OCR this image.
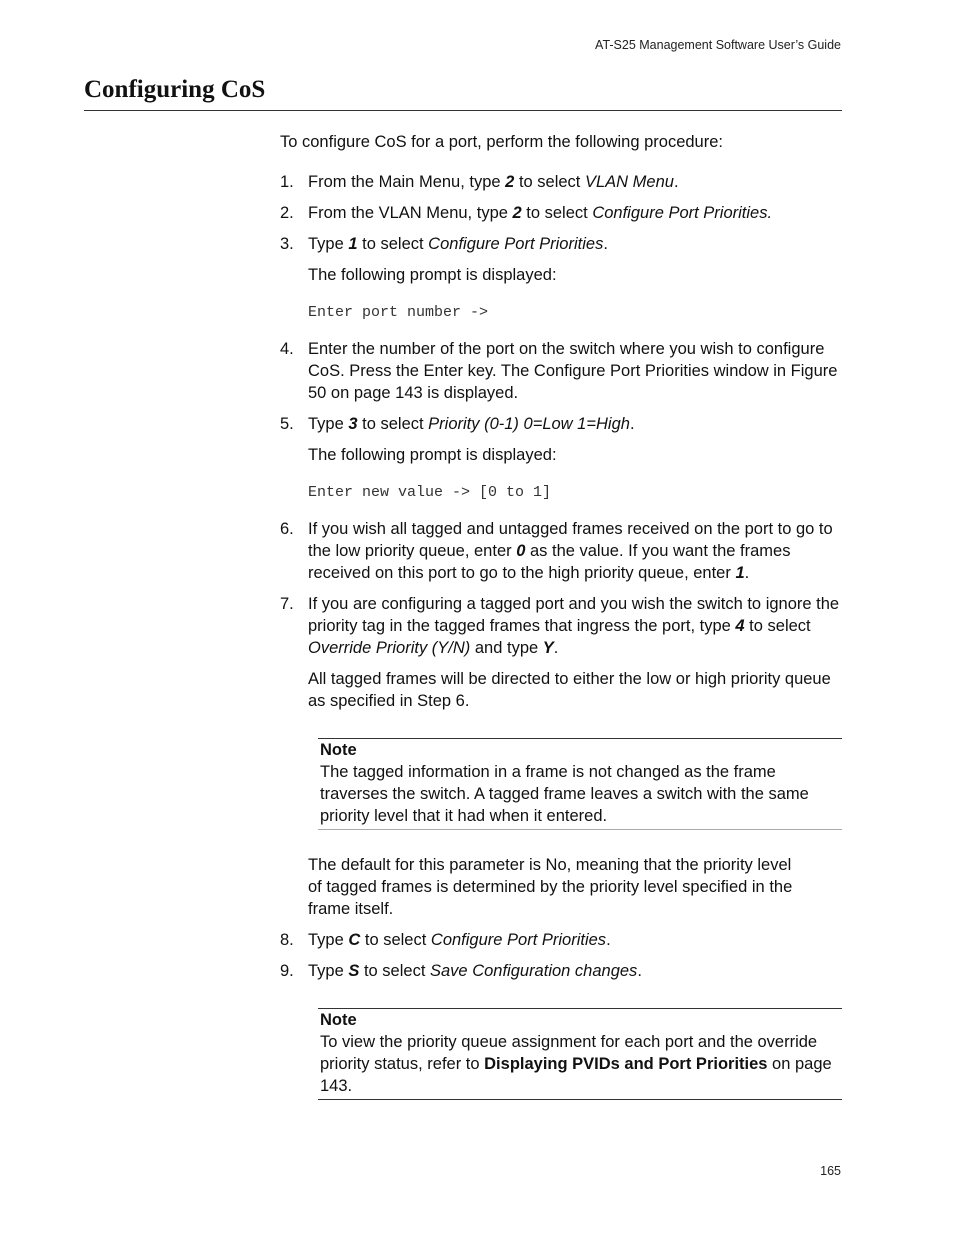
AT-S25 Management Software User’s Guide
Configuring CoS

To configure CoS for a port, perform the following procedure:

1. From the Main Menu, type 2 to select VLAN Menu.
2. From the VLAN Menu, type 2 to select Configure Port Priorities.
3. Type 1 to select Configure Port Priorities.

The following prompt is displayed:

Enter port number ->
4. Enter the number of the port on the switch where you wish to configure CoS. Press the Enter key. The Configure Port Priorities window in Figure 50 on page 143 is displayed.
5. Type 3 to select Priority (0-1) 0=Low 1=High.

The following prompt is displayed:

Enter new value -> [0 to 1]
6. If you wish all tagged and untagged frames received on the port to go to the low priority queue, enter 0 as the value. If you want the frames received on this port to go to the high priority queue, enter 1.
7. If you are configuring a tagged port and you wish the switch to ignore the priority tag in the tagged frames that ingress the port, type 4 to select Override Priority (Y/N) and type Y.

All tagged frames will be directed to either the low or high priority queue as specified in Step 6.

Note
The tagged information in a frame is not changed as the frame traverses the switch. A tagged frame leaves a switch with the same priority level that it had when it entered.

The default for this parameter is No, meaning that the priority level of tagged frames is determined by the priority level specified in the frame itself.

8. Type C to select Configure Port Priorities.
9. Type S to select Save Configuration changes.
Note
To view the priority queue assignment for each port and the override priority status, refer to Displaying PVIDs and Port Priorities on page 143.
165
